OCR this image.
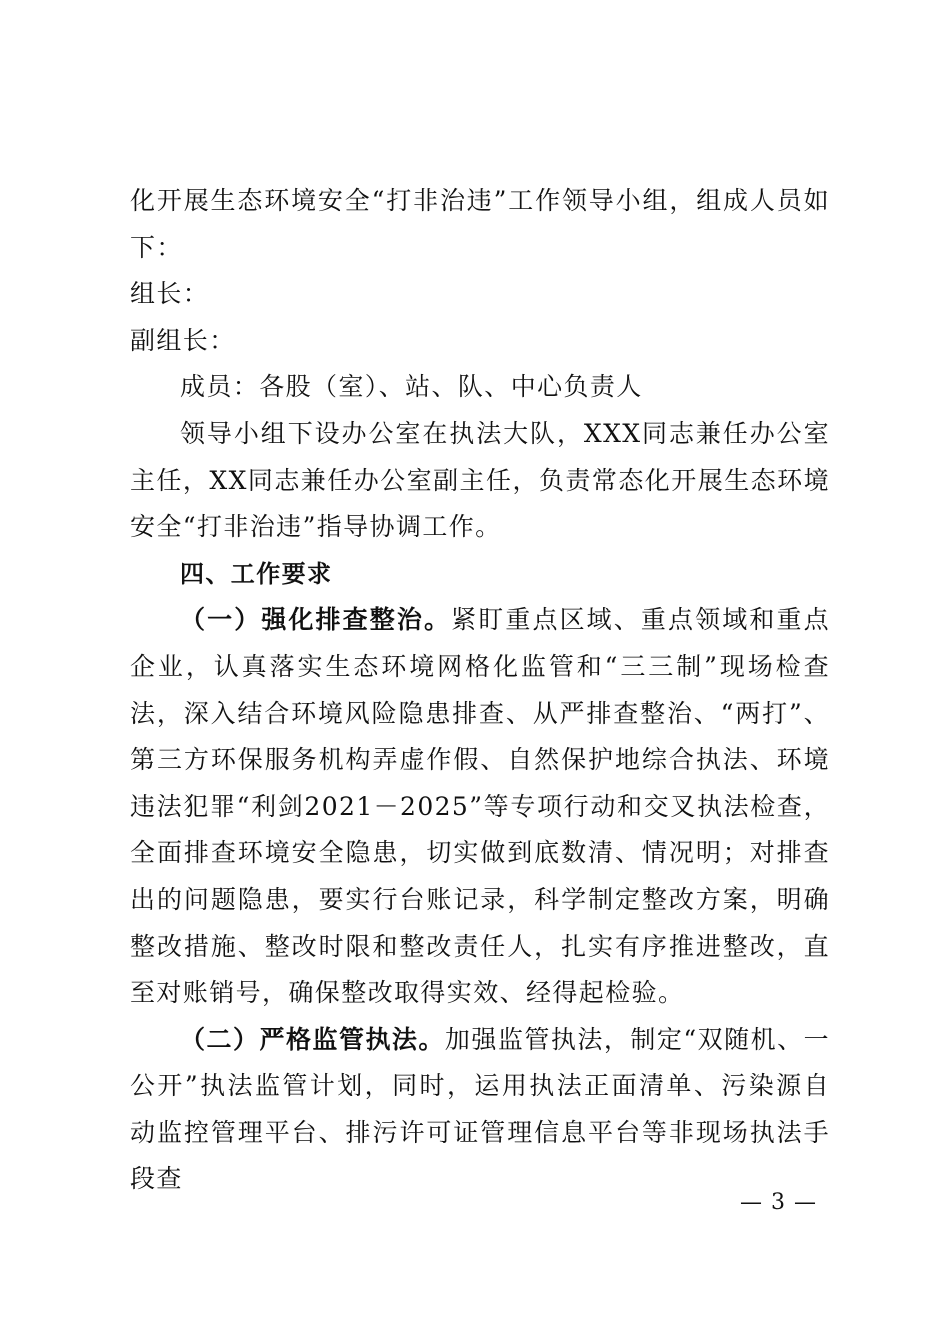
化开展生态环境安全“打非治违”工作领导小组，组成人员如下：

组长：

副组长：

成员：各股（室）、站、队、中心负责人

领导小组下设办公室在执法大队，XXX同志兼任办公室主任，XX同志兼任办公室副主任，负责常态化开展生态环境安全“打非治违”指导协调工作。

四、工作要求

（一）强化排查整治。紧盯重点区域、重点领域和重点企业，认真落实生态环境网格化监管和“三三制”现场检查法，深入结合环境风险隐患排查、从严排查整治、“两打”、第三方环保服务机构弄虚作假、自然保护地综合执法、环境违法犯罪“利剑2021－2025”等专项行动和交叉执法检查，全面排查环境安全隐患，切实做到底数清、情况明；对排查出的问题隐患，要实行台账记录，科学制定整改方案，明确整改措施、整改时限和整改责任人，扎实有序推进整改，直至对账销号，确保整改取得实效、经得起检验。

（二）严格监管执法。加强监管执法，制定“双随机、一公开”执法监管计划，同时，运用执法正面清单、污染源自动监控管理平台、排污许可证管理信息平台等非现场执法手段查

— 3 —
